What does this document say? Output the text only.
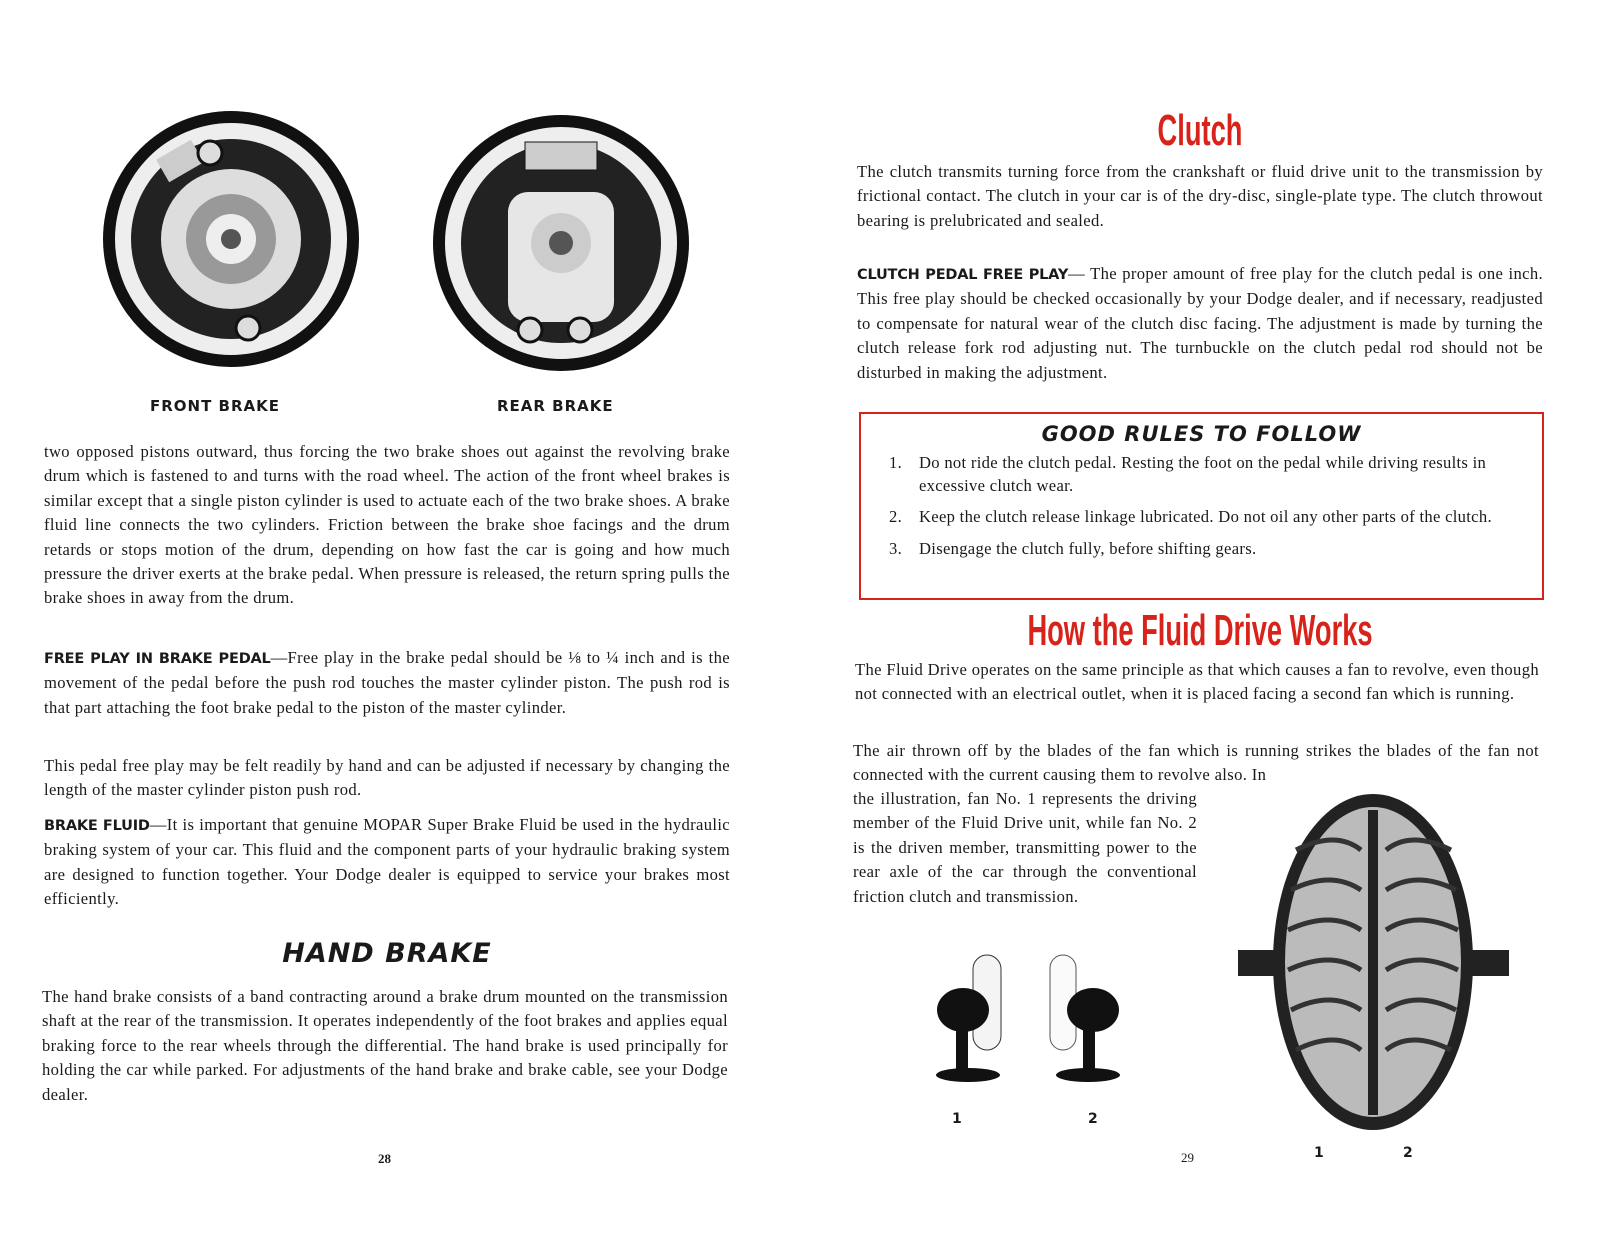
FRONT BRAKE	REAR BRAKE

two opposed pistons outward, thus forcing the two brake shoes out against the revolving brake drum which is fastened to and turns with the road wheel. The action of the front wheel brakes is similar except that a single piston cylinder is used to actuate each of the two brake shoes. A brake fluid line connects the two cylinders. Friction between the brake shoe facings and the drum retards or stops motion of the drum, depending on how fast the car is going and how much pressure the driver exerts at the brake pedal. When pressure is released, the return spring pulls the brake shoes in away from the drum.

FREE PLAY IN BRAKE PEDAL—Free play in the brake pedal should be ⅛ to ¼ inch and is the movement of the pedal before the push rod touches the master cylinder piston. The push rod is that part attaching the foot brake pedal to the piston of the master cylinder.

This pedal free play may be felt readily by hand and can be adjusted if necessary by changing the length of the master cylinder piston push rod.

BRAKE FLUID—It is important that genuine MOPAR Super Brake Fluid be used in the hydraulic braking system of your car. This fluid and the component parts of your hydraulic braking system are designed to function together. Your Dodge dealer is equipped to service your brakes most efficiently.

HAND BRAKE

The hand brake consists of a band contracting around a brake drum mounted on the transmission shaft at the rear of the transmission. It operates independently of the foot brakes and applies equal braking force to the rear wheels through the differential. The hand brake is used principally for holding the car while parked. For adjustments of the hand brake and brake cable, see your Dodge dealer.

28
Clutch

The clutch transmits turning force from the crankshaft or fluid drive unit to the transmission by frictional contact. The clutch in your car is of the dry-disc, single-plate type. The clutch throwout bearing is prelubricated and sealed.

CLUTCH PEDAL FREE PLAY— The proper amount of free play for the clutch pedal is one inch. This free play should be checked occasionally by your Dodge dealer, and if necessary, readjusted to compensate for natural wear of the clutch disc facing. The adjustment is made by turning the clutch release fork rod adjusting nut. The turnbuckle on the clutch pedal rod should not be disturbed in making the adjustment.

GOOD RULES TO FOLLOW
1.	Do not ride the clutch pedal. Resting the foot on the pedal while driving results in excessive clutch wear.
2.	Keep the clutch release linkage lubricated. Do not oil any other parts of the clutch.
3.	Disengage the clutch fully, before shifting gears.
How the Fluid Drive Works

The Fluid Drive operates on the same principle as that which causes a fan to revolve, even though not connected with an electrical outlet, when it is placed facing a second fan which is running.

The air thrown off by the blades of the fan which is running strikes the blades of the fan not connected with the current causing them to revolve also. In

the illustration, fan No. 1 represents the driving member of the Fluid Drive unit, while fan No. 2 is the driven member, transmitting power to the rear axle of the car through the conventional friction clutch and transmission.

1	2
1	2
29
